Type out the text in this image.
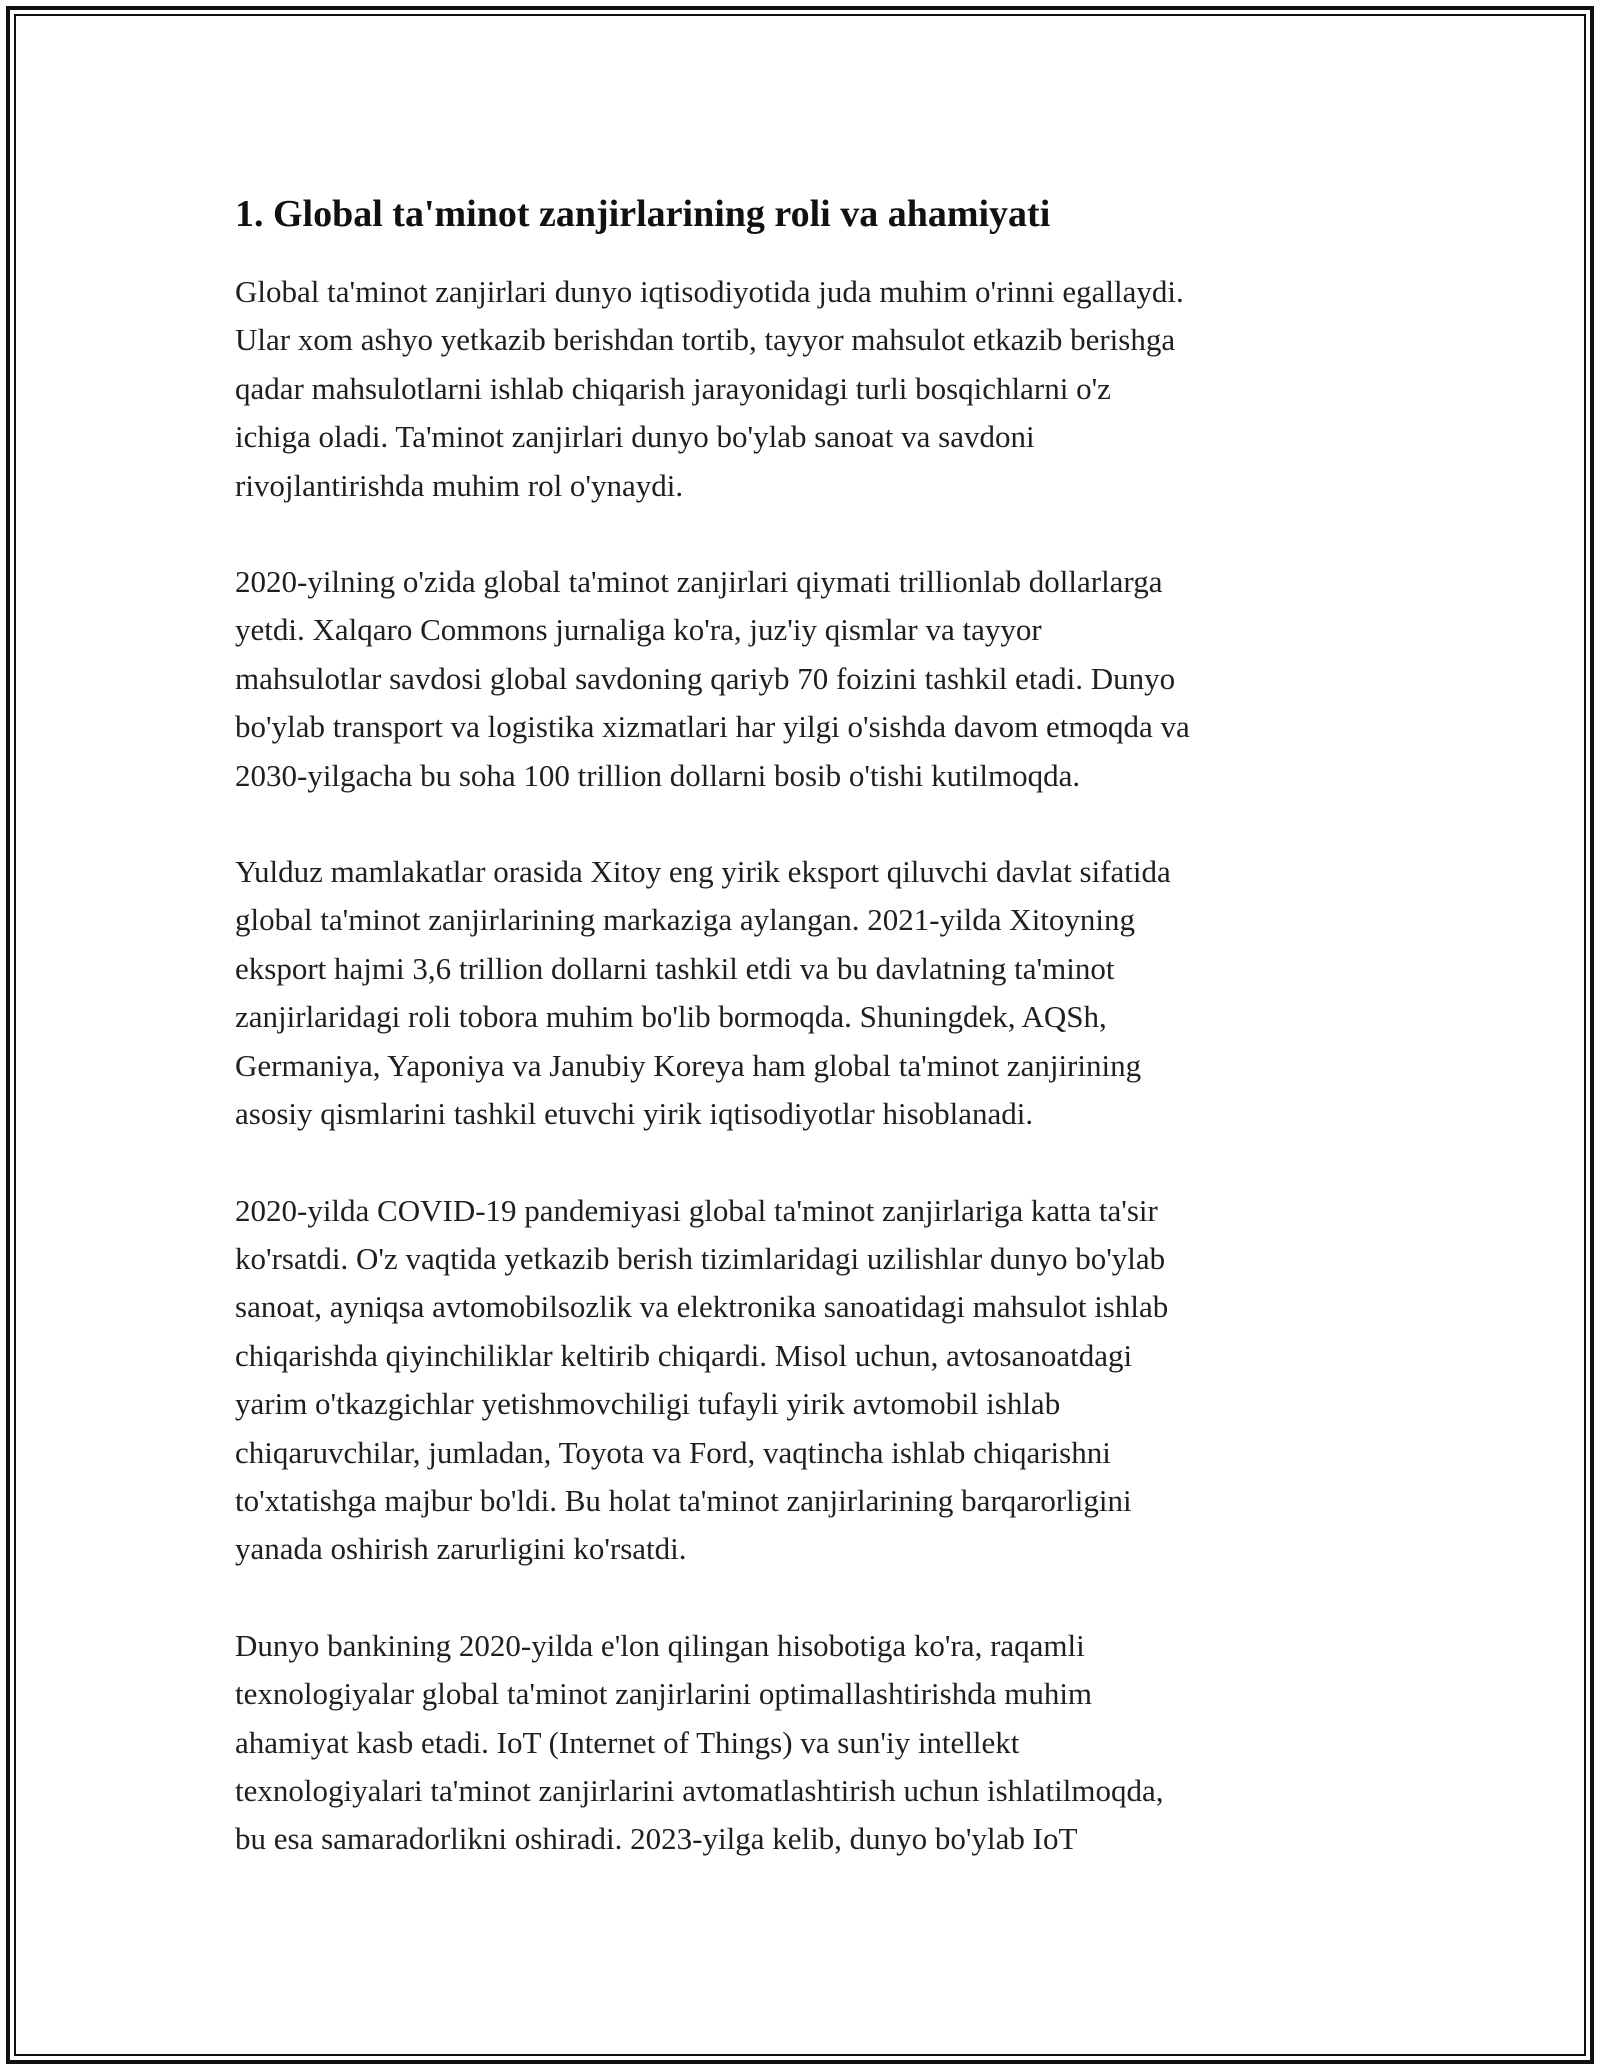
1. Global ta'minot zanjirlarining roli va ahamiyati

Global ta'minot zanjirlari dunyo iqtisodiyotida juda muhim o'rinni egallaydi.
Ular xom ashyo yetkazib berishdan tortib, tayyor mahsulot etkazib berishga
qadar mahsulotlarni ishlab chiqarish jarayonidagi turli bosqichlarni o'z
ichiga oladi. Ta'minot zanjirlari dunyo bo'ylab sanoat va savdoni
rivojlantirishda muhim rol o'ynaydi.

2020-yilning o'zida global ta'minot zanjirlari qiymati trillionlab dollarlarga
yetdi. Xalqaro Commons jurnaliga ko'ra, juz'iy qismlar va tayyor
mahsulotlar savdosi global savdoning qariyb 70 foizini tashkil etadi. Dunyo
bo'ylab transport va logistika xizmatlari har yilgi o'sishda davom etmoqda va
2030-yilgacha bu soha 100 trillion dollarni bosib o'tishi kutilmoqda.

Yulduz mamlakatlar orasida Xitoy eng yirik eksport qiluvchi davlat sifatida
global ta'minot zanjirlarining markaziga aylangan. 2021-yilda Xitoyning
eksport hajmi 3,6 trillion dollarni tashkil etdi va bu davlatning ta'minot
zanjirlaridagi roli tobora muhim bo'lib bormoqda. Shuningdek, AQSh,
Germaniya, Yaponiya va Janubiy Koreya ham global ta'minot zanjirining
asosiy qismlarini tashkil etuvchi yirik iqtisodiyotlar hisoblanadi.

2020-yilda COVID-19 pandemiyasi global ta'minot zanjirlariga katta ta'sir
ko'rsatdi. O'z vaqtida yetkazib berish tizimlaridagi uzilishlar dunyo bo'ylab
sanoat, ayniqsa avtomobilsozlik va elektronika sanoatidagi mahsulot ishlab
chiqarishda qiyinchiliklar keltirib chiqardi. Misol uchun, avtosanoatdagi
yarim o'tkazgichlar yetishmovchiligi tufayli yirik avtomobil ishlab
chiqaruvchilar, jumladan, Toyota va Ford, vaqtincha ishlab chiqarishni
to'xtatishga majbur bo'ldi. Bu holat ta'minot zanjirlarining barqarorligini
yanada oshirish zarurligini ko'rsatdi.

Dunyo bankining 2020-yilda e'lon qilingan hisobotiga ko'ra, raqamli
texnologiyalar global ta'minot zanjirlarini optimallashtirishda muhim
ahamiyat kasb etadi. IoT (Internet of Things) va sun'iy intellekt
texnologiyalari ta'minot zanjirlarini avtomatlashtirish uchun ishlatilmoqda,
bu esa samaradorlikni oshiradi. 2023-yilga kelib, dunyo bo'ylab IoT
